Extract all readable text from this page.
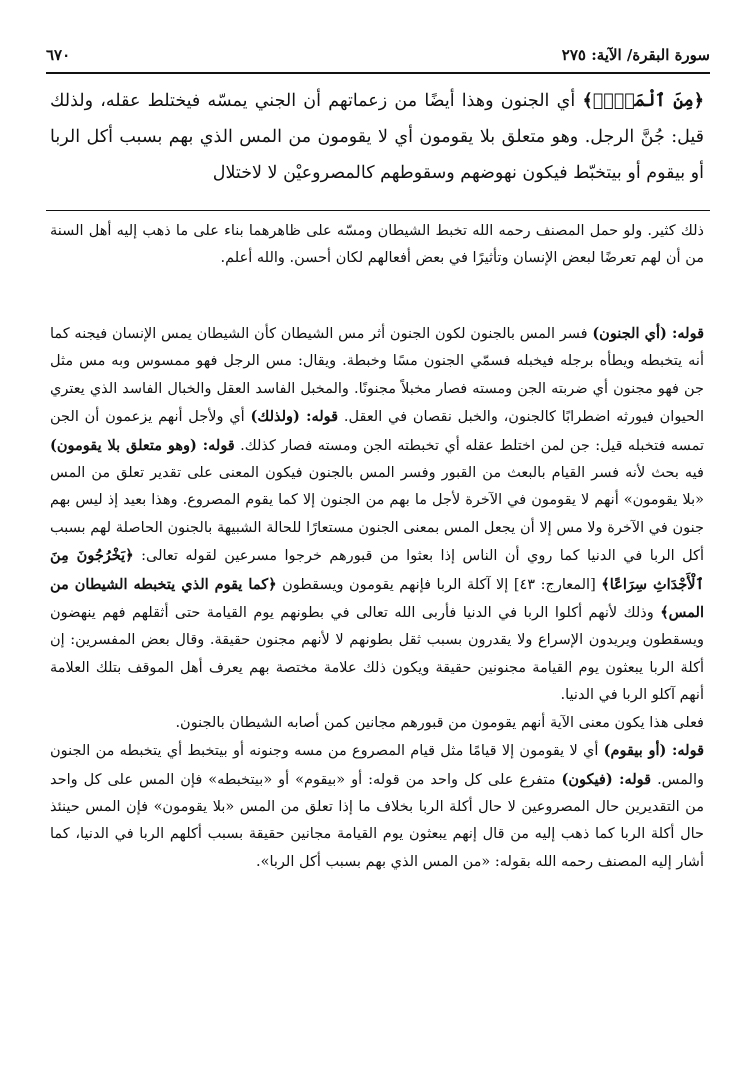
سورة البقرة/ الآية: ٢٧٥
٦٧٠

﴿مِنَ ٱلْمَسِّۚ﴾ أي الجنون وهذا أيضًا من زعماتهم أن الجني يمسّه فيختلط عقله، ولذلك قيل: جُنَّ الرجل. وهو متعلق بلا يقومون أي لا يقومون من المس الذي بهم بسبب أكل الربا أو بيقوم أو بيتخبّط فيكون نهوضهم وسقوطهم كالمصروعيْن لا لاختلال

ذلك كثير. ولو حمل المصنف رحمه الله تخبط الشيطان ومسّه على ظاهرهما بناء على ما ذهب إليه أهل السنة من أن لهم تعرضًا لبعض الإنسان وتأثيرًا في بعض أفعالهم لكان أحسن. والله أعلم.

قوله: (أي الجنون) فسر المس بالجنون لكون الجنون أثر مس الشيطان كأن الشيطان يمس الإنسان فيجنه كما أنه يتخبطه ويطأه برجله فيخبله فسمّي الجنون مسًا وخبطة. ويقال: مس الرجل فهو ممسوس وبه مس مثل جن فهو مجنون أي ضربته الجن ومسته فصار مخبلاً مجنونًا. والمخبل الفاسد العقل والخبال الفاسد الذي يعتري الحيوان فيورثه اضطرابًا كالجنون، والخبل نقصان في العقل. قوله: (ولذلك) أي ولأجل أنهم يزعمون أن الجن تمسه فتخبله قيل: جن لمن اختلط عقله أي تخبطته الجن ومسته فصار كذلك. قوله: (وهو متعلق بلا يقومون) فيه بحث لأنه فسر القيام بالبعث من القبور وفسر المس بالجنون فيكون المعنى على تقدير تعلق من المس «بلا يقومون» أنهم لا يقومون في الآخرة لأجل ما بهم من الجنون إلا كما يقوم المصروع. وهذا بعيد إذ ليس بهم جنون في الآخرة ولا مس إلا أن يجعل المس بمعنى الجنون مستعارًا للحالة الشبيهة بالجنون الحاصلة لهم بسبب أكل الربا في الدنيا كما روي أن الناس إذا بعثوا من قبورهم خرجوا مسرعين لقوله تعالى: ﴿يَخْرُجُونَ مِنَ ٱلْأَجْدَاثِ سِرَاعًا﴾ [المعارج: ٤٣] إلا آكلة الربا فإنهم يقومون ويسقطون ﴿كما يقوم الذي يتخبطه الشيطان من المس﴾ وذلك لأنهم أكلوا الربا في الدنيا فأربى الله تعالى في بطونهم يوم القيامة حتى أثقلهم فهم ينهضون ويسقطون ويريدون الإسراع ولا يقدرون بسبب ثقل بطونهم لا لأنهم مجنون حقيقة. وقال بعض المفسرين: إن أكلة الربا يبعثون يوم القيامة مجنونين حقيقة ويكون ذلك علامة مختصة بهم يعرف أهل الموقف بتلك العلامة أنهم آكلو الربا في الدنيا.

فعلى هذا يكون معنى الآية أنهم يقومون من قبورهم مجانين كمن أصابه الشيطان بالجنون.

قوله: (أو بيقوم) أي لا يقومون إلا قيامًا مثل قيام المصروع من مسه وجنونه أو بيتخبط أي يتخبطه من الجنون والمس. قوله: (فيكون) متفرع على كل واحد من قوله: أو «بيقوم» أو «بيتخبطه» فإن المس على كل واحد من التقديرين حال المصروعين لا حال أكلة الربا بخلاف ما إذا تعلق من المس «بلا يقومون» فإن المس حينئذ حال أكلة الربا كما ذهب إليه من قال إنهم يبعثون يوم القيامة مجانين حقيقة بسبب أكلهم الربا في الدنيا، كما أشار إليه المصنف رحمه الله بقوله: «من المس الذي بهم بسبب أكل الربا».
